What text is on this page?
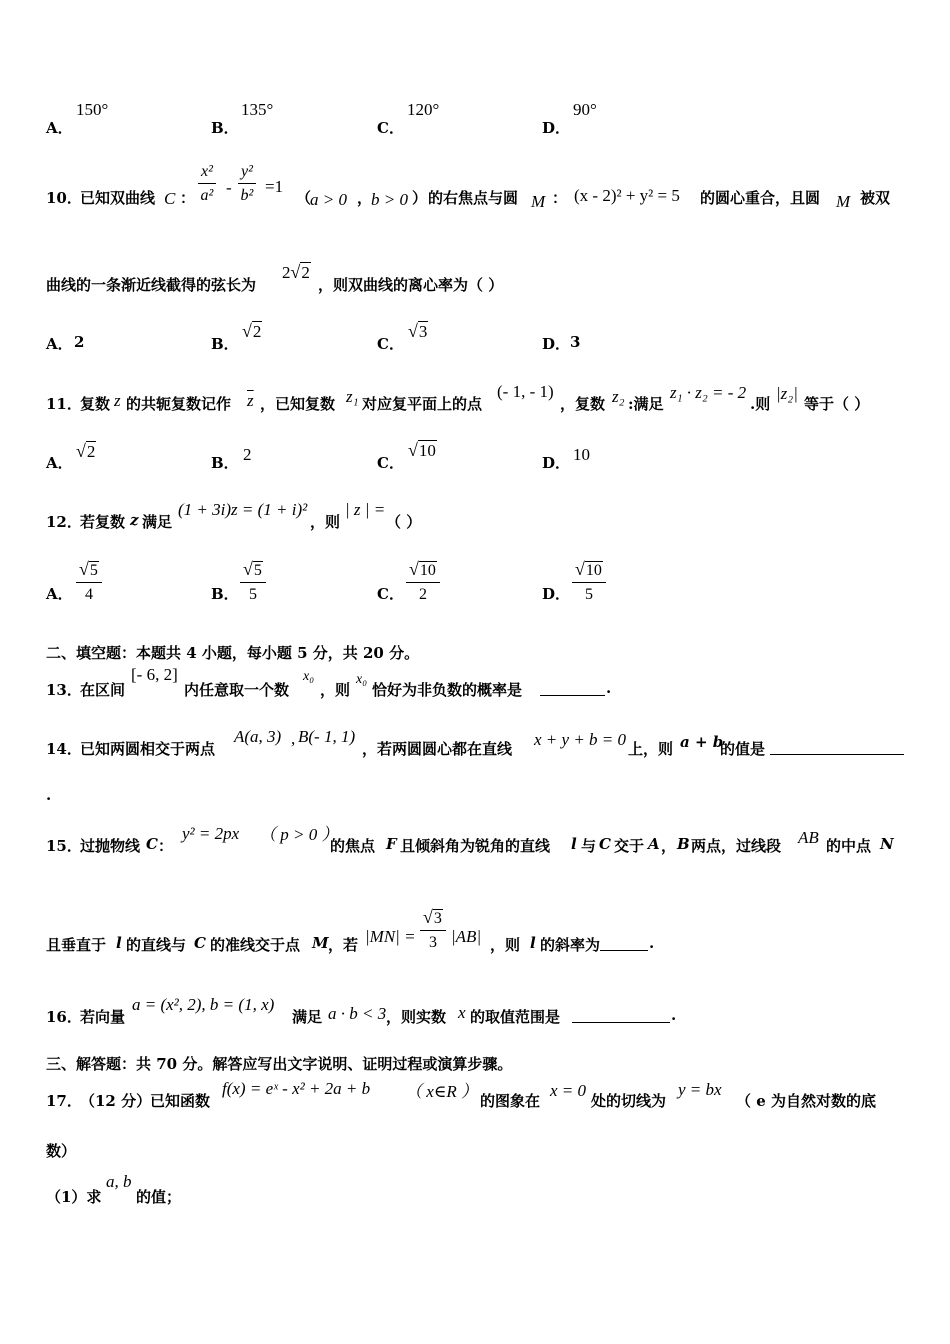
A．
150°
B．
135°
C．
120°
D．
90°
10．
已知双曲线 C ： $\frac{\text{x²}}{\text{a²}} - \frac{\text{y²}}{\text{b²}} =1$
（
a > 0 ，
b > 0 ） 的右焦点与圆 M ： (x - 2)² + y² = 5 的圆心重合，且圆 M 被双
曲线的一条渐近线截得的弦长为
2√2
，则双曲线的离心率为（ ）
A． 2	B．
√2
C．
√3
D． 3
11．
复数 z 的共轭复数记作 $\overline{z}$ ，已知复数 z₁ 对应复平面上的点
(- 1, - 1)
，复数 z₂ :满足
z₁ · z₂ = - 2
.则
|z₂|
等于（ ）
A．
√2
B． 2	C．
√10
D． 10
12．
若复数 z 满足
(1 + 3i)z = (1 + i)²
，则
| z | =
（ ）
A． $\frac{√5}{4}$	B． $\frac{√5}{5}$	C． $\frac{√10}{2}$	D． $\frac{√10}{5}$
二、填空题：本题共 4 小题，每小题 5 分，共 20 分。
13．
在区间
[- 6, 2]
内任意取一个数
x₀
，则
x₀
恰好为非负数的概率是	.
14．
已知两圆相交于两点
A(a, 3) , B(- 1, 1)
，若两圆圆心都在直线 x + y + b = 0 上，则 a + b
的值是
.
15．
过抛物线 C ：
y² = 2px （ p > 0 ）
的焦点 F 且倾斜角为锐角的直线 l 与 C 交于 A ， B 两点，过线段 AB 的中点 N
且垂直于 l 的直线与 C 的准线交于点 M ，若 $|MN| = \frac{√3}{3} |AB|$ ，则 l 的斜率为	.
16．
若向量
a = (x², 2), b = (1, x)
满足 a · b < 3 ，则实数 x 的取值范围是	.
三、解答题：共 70 分。解答应写出文字说明、证明过程或演算步骤。
17．
（12 分）
已知函数
f(x) = eˣ - x² + 2a + b （ x∈R ） 的图象在
x = 0
处的切线为
y = bx
（ e 为自然对数的底
数）
（1）求
a, b
的值；
